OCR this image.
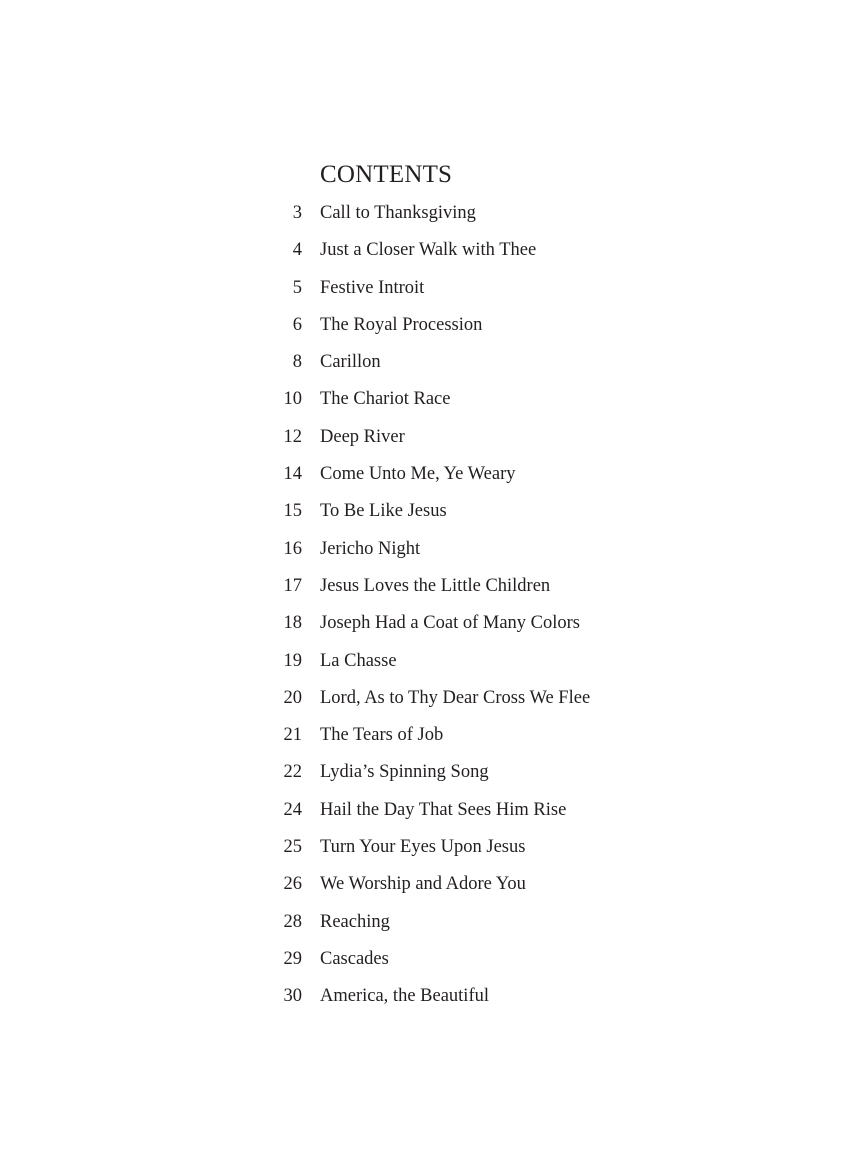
CONTENTS
3 Call to Thanksgiving
4 Just a Closer Walk with Thee
5 Festive Introit
6 The Royal Procession
8 Carillon
10 The Chariot Race
12 Deep River
14 Come Unto Me, Ye Weary
15 To Be Like Jesus
16 Jericho Night
17 Jesus Loves the Little Children
18 Joseph Had a Coat of Many Colors
19 La Chasse
20 Lord, As to Thy Dear Cross We Flee
21 The Tears of Job
22 Lydia’s Spinning Song
24 Hail the Day That Sees Him Rise
25 Turn Your Eyes Upon Jesus
26 We Worship and Adore You
28 Reaching
29 Cascades
30 America, the Beautiful
